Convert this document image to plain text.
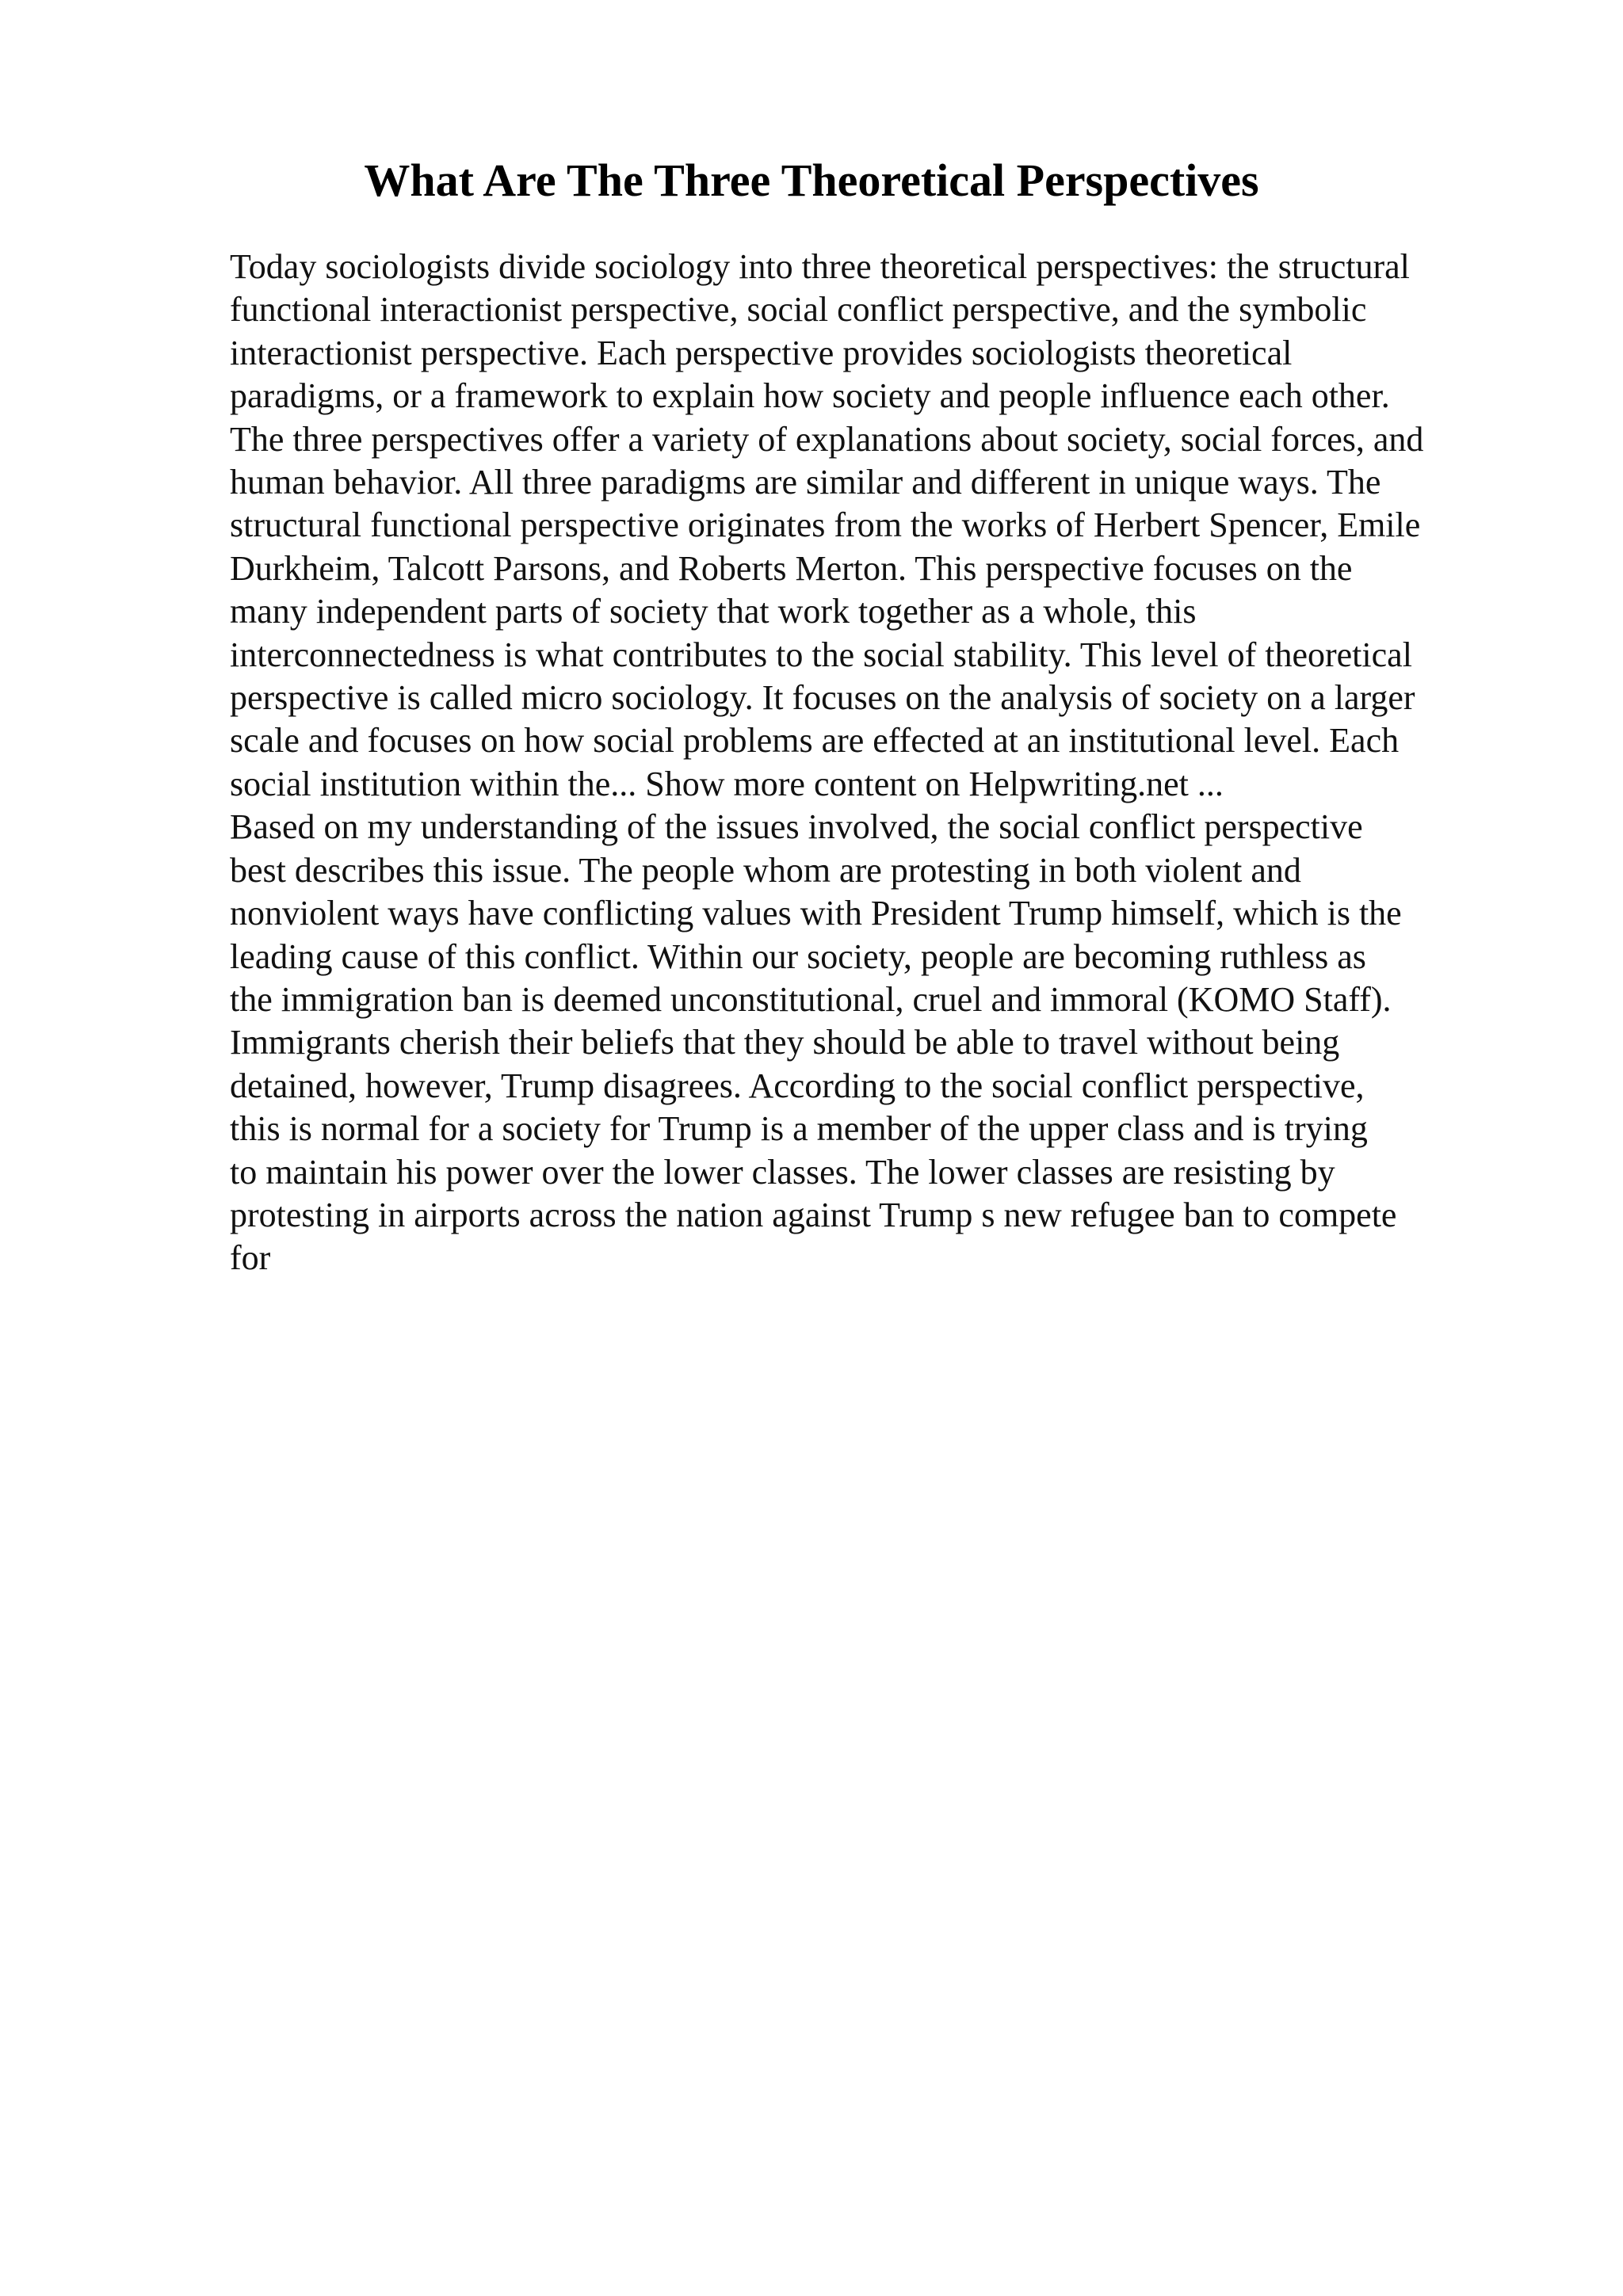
What Are The Three Theoretical Perspectives
Today sociologists divide sociology into three theoretical perspectives: the structural
functional interactionist perspective, social conflict perspective, and the symbolic
interactionist perspective. Each perspective provides sociologists theoretical
paradigms, or a framework to explain how society and people influence each other.
The three perspectives offer a variety of explanations about society, social forces, and
human behavior. All three paradigms are similar and different in unique ways. The
structural functional perspective originates from the works of Herbert Spencer, Emile
Durkheim, Talcott Parsons, and Roberts Merton. This perspective focuses on the
many independent parts of society that work together as a whole, this
interconnectedness is what contributes to the social stability. This level of theoretical
perspective is called micro sociology. It focuses on the analysis of society on a larger
scale and focuses on how social problems are effected at an institutional level. Each
social institution within the... Show more content on Helpwriting.net ...
Based on my understanding of the issues involved, the social conflict perspective
best describes this issue. The people whom are protesting in both violent and
nonviolent ways have conflicting values with President Trump himself, which is the
leading cause of this conflict. Within our society, people are becoming ruthless as
the immigration ban is deemed unconstitutional, cruel and immoral (KOMO Staff).
Immigrants cherish their beliefs that they should be able to travel without being
detained, however, Trump disagrees. According to the social conflict perspective,
this is normal for a society for Trump is a member of the upper class and is trying
to maintain his power over the lower classes. The lower classes are resisting by
protesting in airports across the nation against Trump s new refugee ban to compete
for
